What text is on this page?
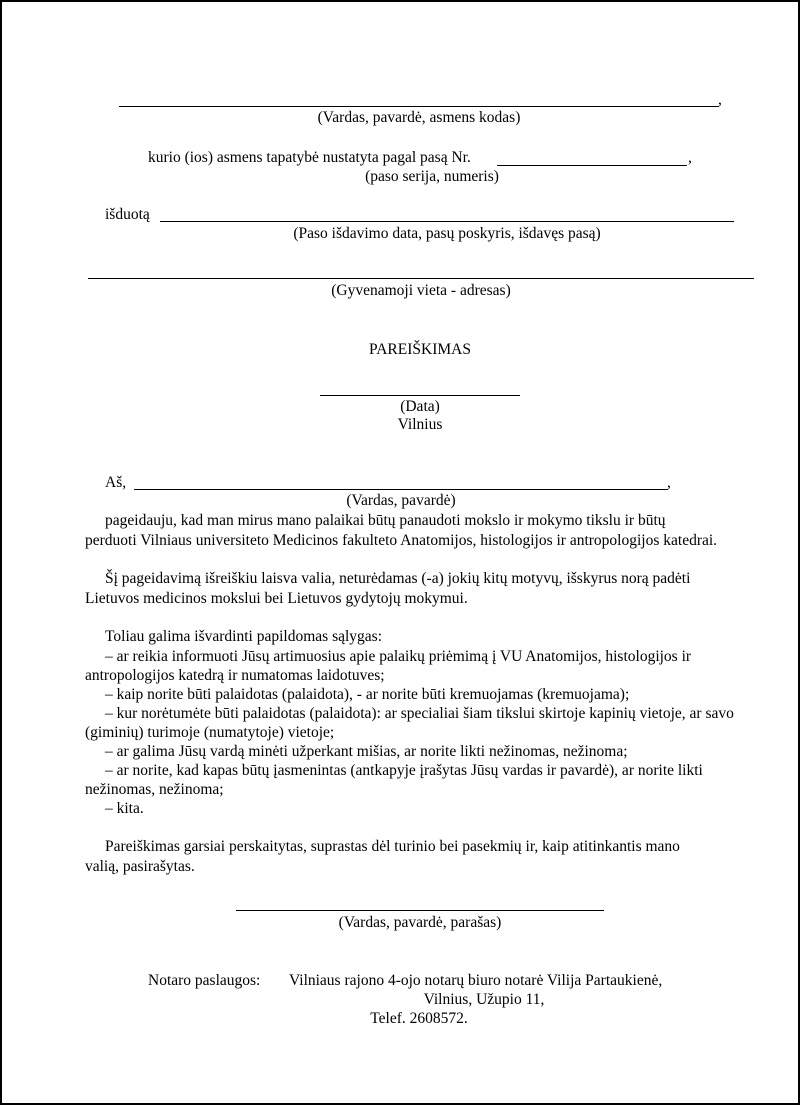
,
(Vardas, pavardė, asmens kodas)
kurio (ios) asmens tapatybė nustatyta pagal pasą Nr.	,
(paso serija, numeris)
išduotą
(Paso išdavimo data, pasų poskyris, išdavęs pasą)
(Gyvenamoji vieta - adresas)
PAREIŠKIMAS
(Data)
Vilnius
Aš,	,
(Vardas, pavardė)
pageidauju, kad man mirus mano palaikai būtų panaudoti mokslo ir mokymo tikslu ir būtų
perduoti Vilniaus universiteto Medicinos fakulteto Anatomijos, histologijos ir antropologijos katedrai.
Šį pageidavimą išreiškiu laisva valia, neturėdamas (-a) jokių kitų motyvų, išskyrus norą padėti
Lietuvos medicinos mokslui bei Lietuvos gydytojų mokymui.
Toliau galima išvardinti papildomas sąlygas:
– ar reikia informuoti Jūsų artimuosius apie palaikų priėmimą į VU Anatomijos, histologijos ir antropologijos katedrą ir numatomas laidotuves;
– kaip norite būti palaidotas (palaidota), - ar norite būti kremuojamas (kremuojama);
– kur norėtumėte būti palaidotas (palaidota): ar specialiai šiam tikslui skirtoje kapinių vietoje, ar savo (giminių) turimoje (numatytoje) vietoje;
– ar galima Jūsų vardą minėti užperkant mišias, ar norite likti nežinomas, nežinoma;
– ar norite, kad kapas būtų įasmenintas (antkapyje įrašytas Jūsų vardas ir pavardė), ar norite likti nežinomas, nežinoma;
– kita.
Pareiškimas garsiai perskaitytas, suprastas dėl turinio bei pasekmių ir, kaip atitinkantis mano
valią, pasirašytas.
(Vardas, pavardė, parašas)
Notaro paslaugos: Vilniaus rajono 4-ojo notarų biuro notarė Vilija Partaukienė,
Vilnius, Užupio 11,
Telef. 2608572.
